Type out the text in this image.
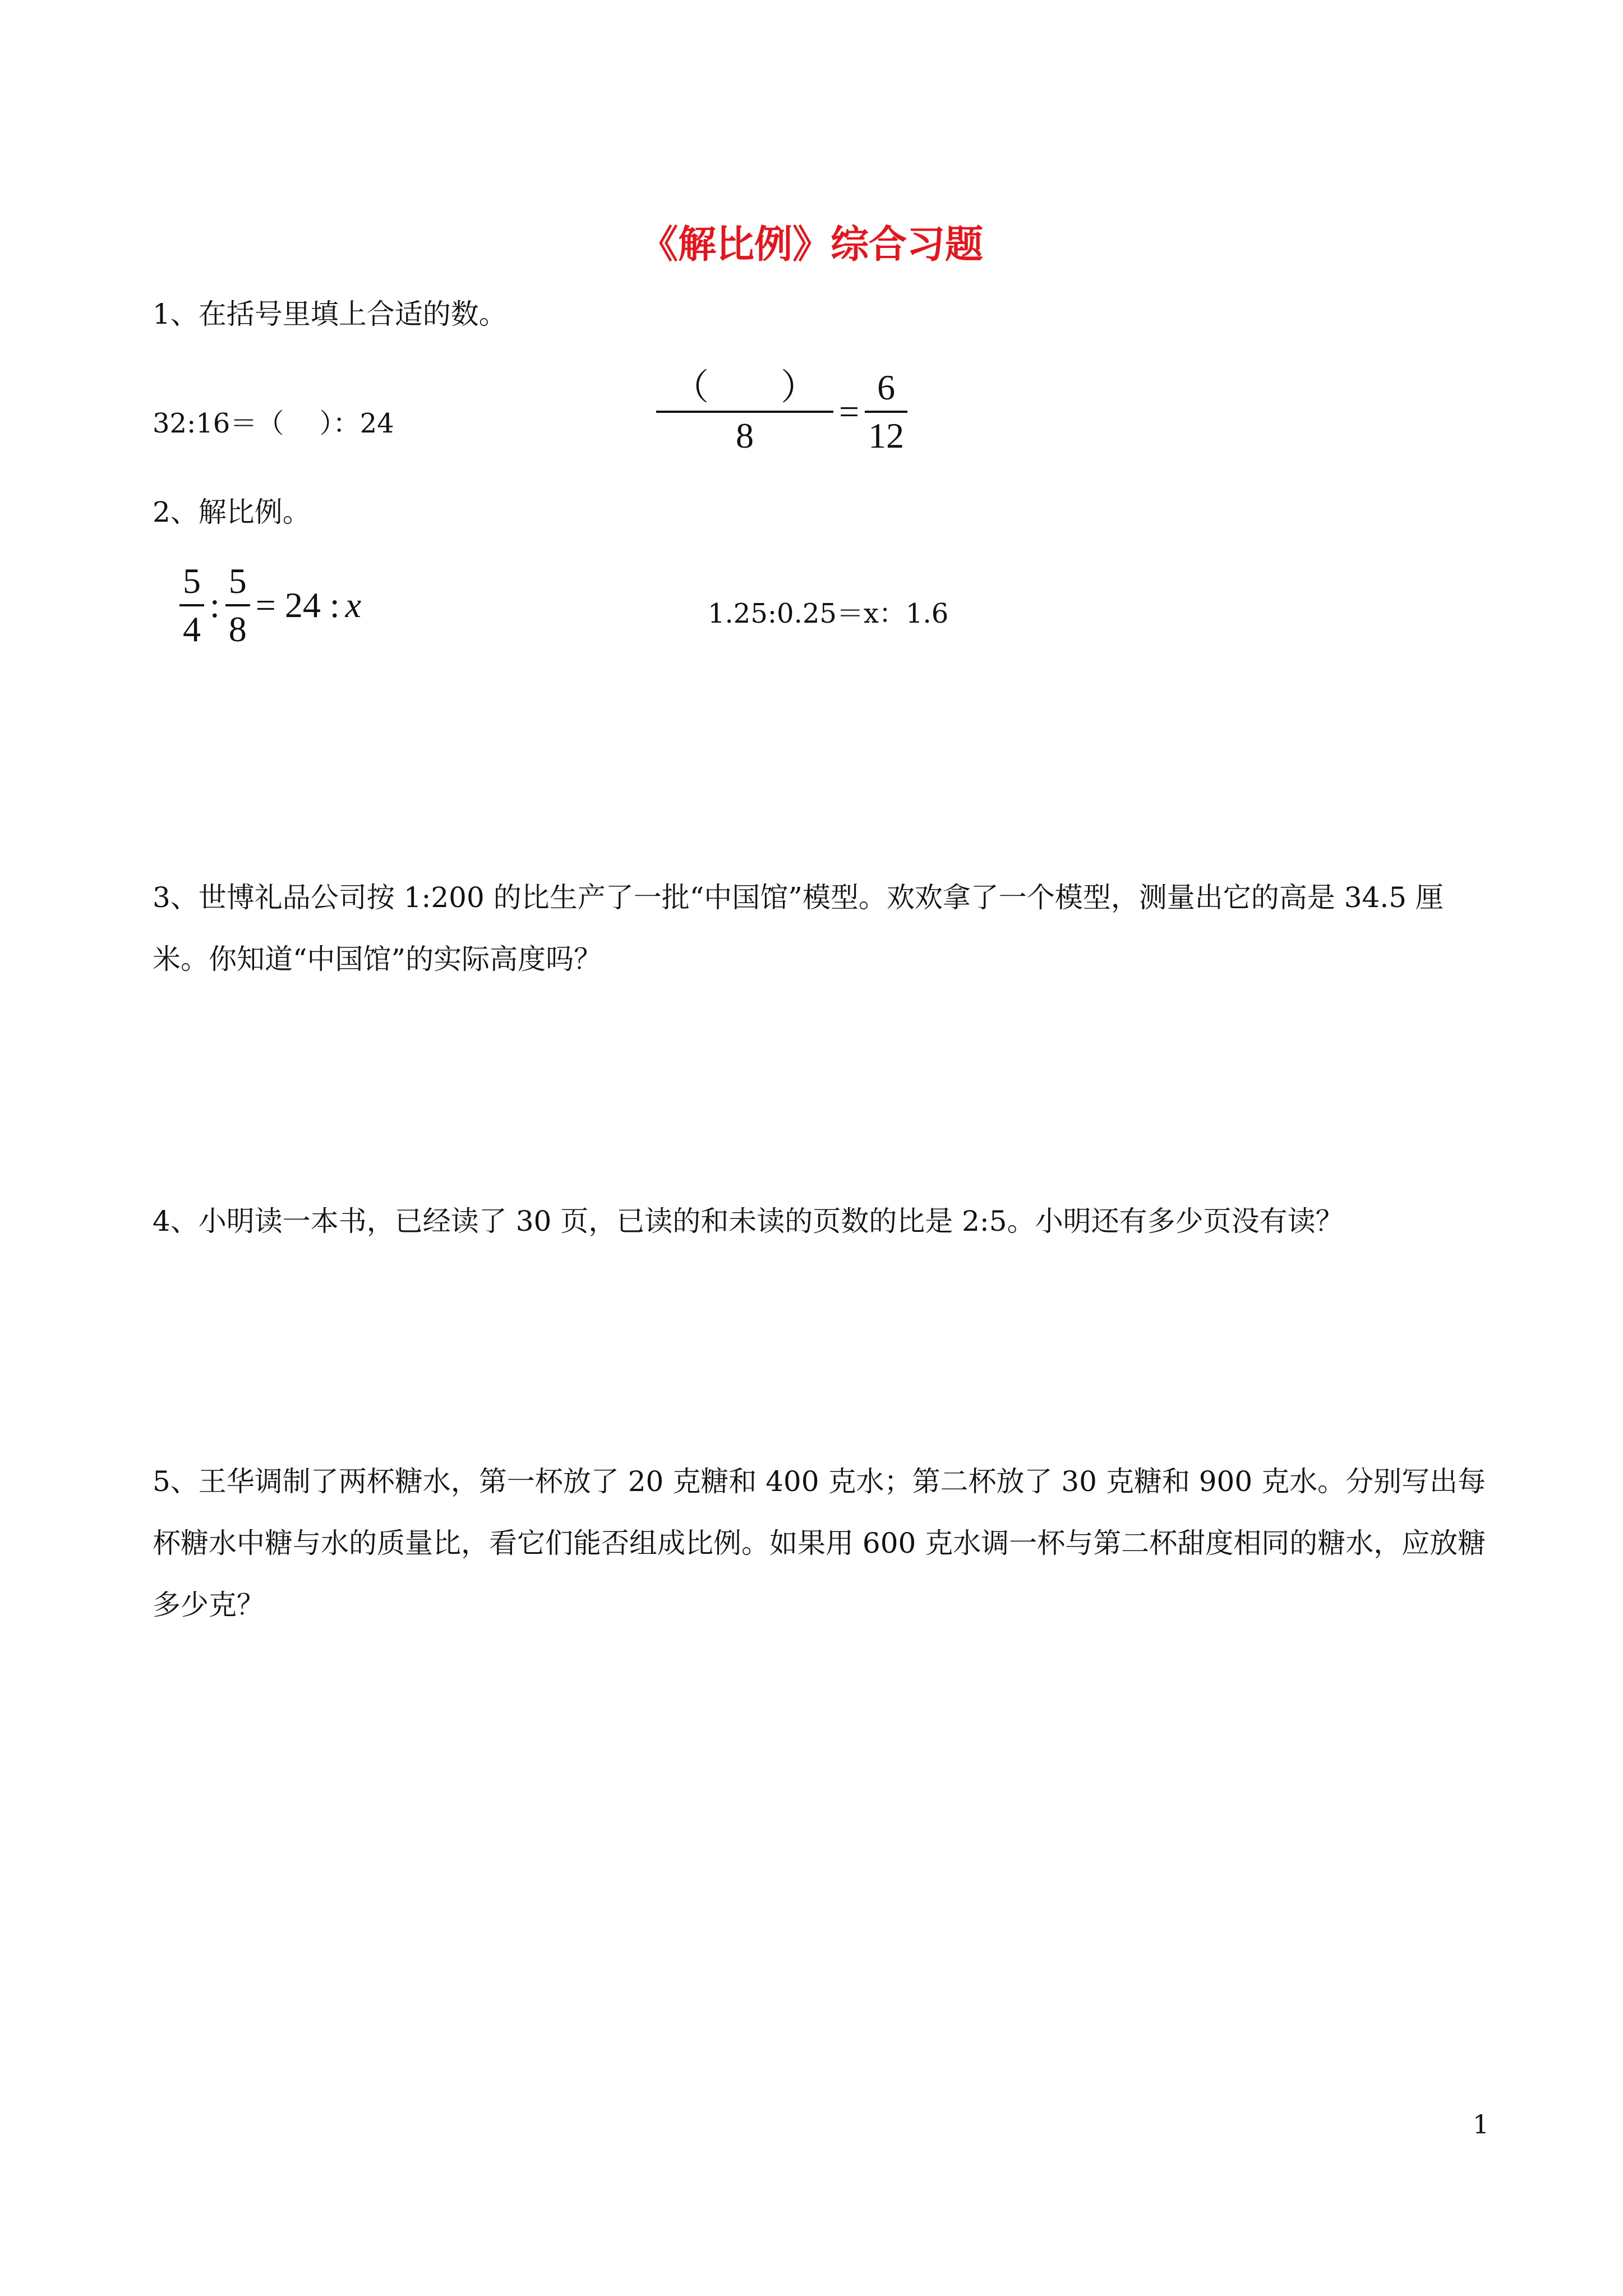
《解比例》综合习题
1、在括号里填上合适的数。
32:16＝（　 ）：24	$\frac{( )}{8} = \frac{6}{12}$
2、解比例。
$\frac{5}{4}$ : $\frac{5}{8} = 24$ : x	1.25:0.25＝x：1.6
3、世博礼品公司按 1:200 的比生产了一批“中国馆”模型。欢欢拿了一个模型，测量出它的高是 34.5 厘米。你知道“中国馆”的实际高度吗？
4、小明读一本书，已经读了 30 页，已读的和未读的页数的比是 2:5。小明还有多少页没有读？
5、王华调制了两杯糖水，第一杯放了 20 克糖和 400 克水；第二杯放了 30 克糖和 900 克水。分别写出每杯糖水中糖与水的质量比，看它们能否组成比例。如果用 600 克水调一杯与第二杯甜度相同的糖水，应放糖多少克？
1
